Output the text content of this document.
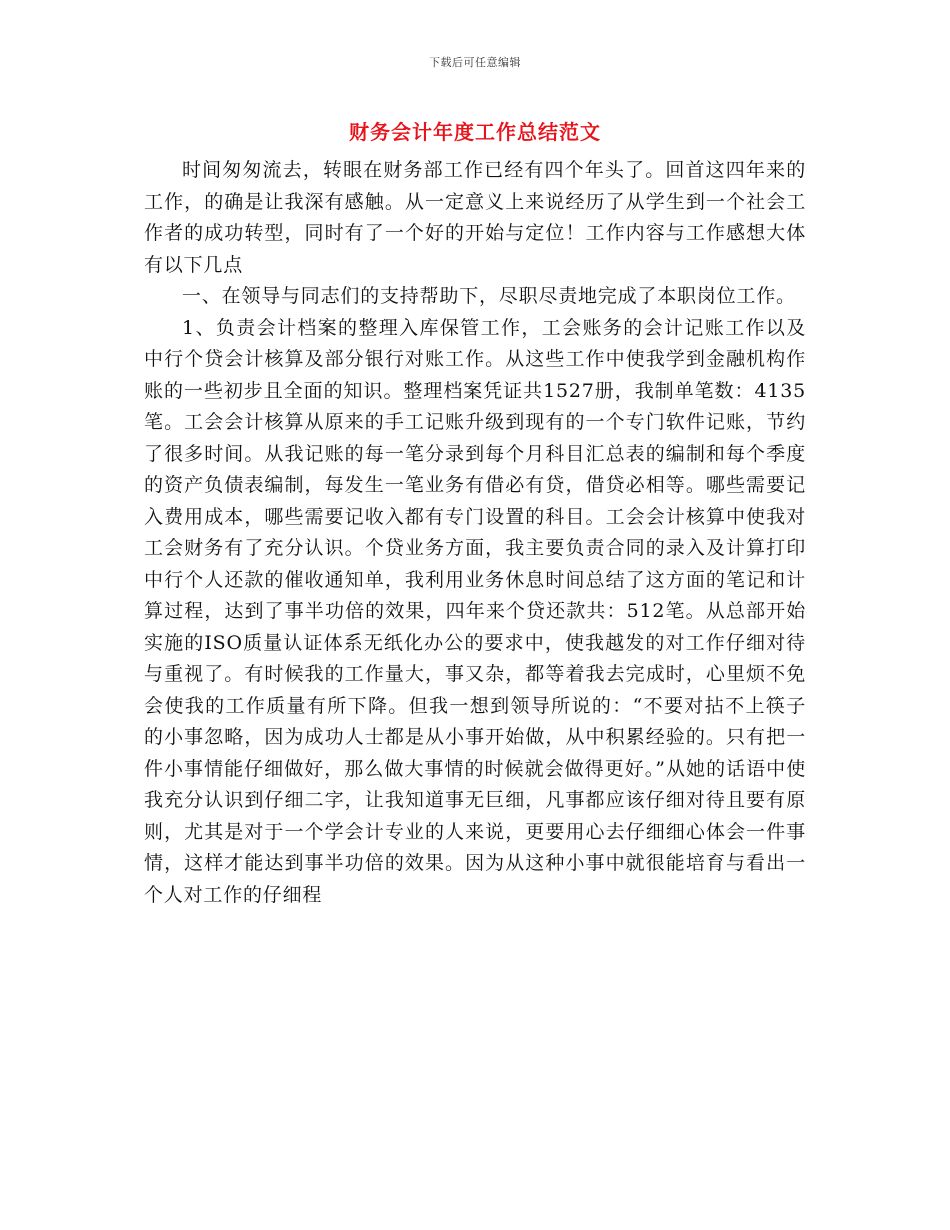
下载后可任意编辑
财务会计年度工作总结范文

时间匆匆流去，转眼在财务部工作已经有四个年头了。回首这四年来的工作，的确是让我深有感触。从一定意义上来说经历了从学生到一个社会工作者的成功转型，同时有了一个好的开始与定位！工作内容与工作感想大体有以下几点

一、在领导与同志们的支持帮助下，尽职尽责地完成了本职岗位工作。

1、负责会计档案的整理入库保管工作，工会账务的会计记账工作以及中行个贷会计核算及部分银行对账工作。从这些工作中使我学到金融机构作账的一些初步且全面的知识。整理档案凭证共1527册，我制单笔数：4135笔。工会会计核算从原来的手工记账升级到现有的一个专门软件记账，节约了很多时间。从我记账的每一笔分录到每个月科目汇总表的编制和每个季度的资产负债表编制，每发生一笔业务有借必有贷，借贷必相等。哪些需要记入费用成本，哪些需要记收入都有专门设置的科目。工会会计核算中使我对工会财务有了充分认识。个贷业务方面，我主要负责合同的录入及计算打印中行个人还款的催收通知单，我利用业务休息时间总结了这方面的笔记和计算过程，达到了事半功倍的效果，四年来个贷还款共：512笔。从总部开始实施的ISO质量认证体系无纸化办公的要求中，使我越发的对工作仔细对待与重视了。有时候我的工作量大，事又杂，都等着我去完成时，心里烦不免会使我的工作质量有所下降。但我一想到领导所说的：“不要对拈不上筷子的小事忽略，因为成功人士都是从小事开始做，从中积累经验的。只有把一件小事情能仔细做好，那么做大事情的时候就会做得更好。”从她的话语中使我充分认识到仔细二字，让我知道事无巨细，凡事都应该仔细对待且要有原则，尤其是对于一个学会计专业的人来说，更要用心去仔细细心体会一件事情，这样才能达到事半功倍的效果。因为从这种小事中就很能培育与看出一个人对工作的仔细程
